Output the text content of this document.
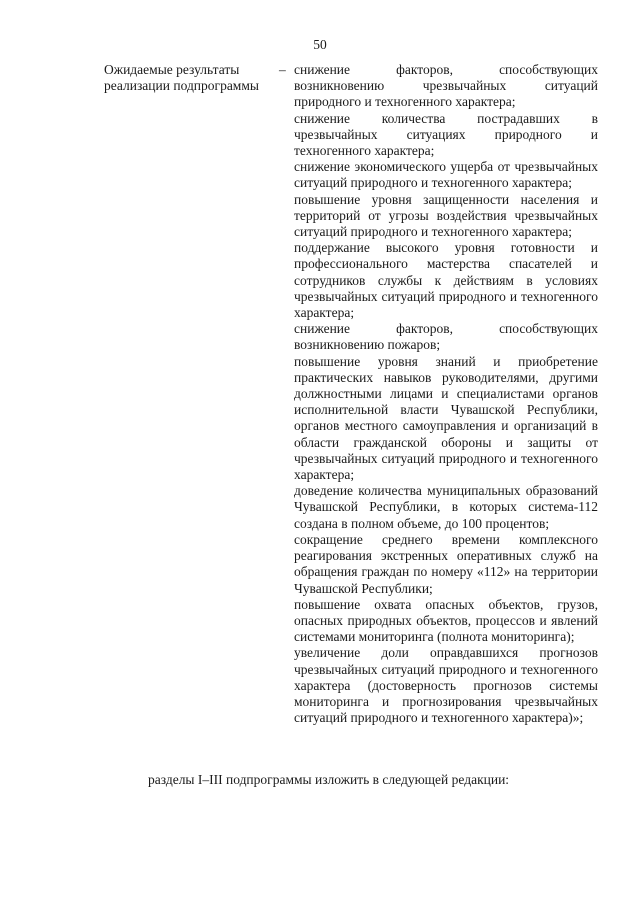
50
Ожидаемые результаты реализации подпрограммы
– снижение факторов, способствующих возникновению чрезвычайных ситуаций природного и техногенного характера;

снижение количества пострадавших в чрезвычайных ситуациях природного и техногенного характера;

снижение экономического ущерба от чрезвычайных ситуаций природного и техногенного характера;

повышение уровня защищенности населения и территорий от угрозы воздействия чрезвычайных ситуаций природного и техногенного характера;

поддержание высокого уровня готовности и профессионального мастерства спасателей и сотрудников службы к действиям в условиях чрезвычайных ситуаций природного и техногенного характера;

снижение факторов, способствующих возникновению пожаров;

повышение уровня знаний и приобретение практических навыков руководителями, другими должностными лицами и специалистами органов исполнительной власти Чувашской Республики, органов местного самоуправления и организаций в области гражданской обороны и защиты от чрезвычайных ситуаций природного и техногенного характера;

доведение количества муниципальных образований Чувашской Республики, в которых система-112 создана в полном объеме, до 100 процентов;

сокращение среднего времени комплексного реагирования экстренных оперативных служб на обращения граждан по номеру «112» на территории Чувашской Республики;

повышение охвата опасных объектов, грузов, опасных природных объектов, процессов и явлений системами мониторинга (полнота мониторинга);

увеличение доли оправдавшихся прогнозов чрезвычайных ситуаций природного и техногенного характера (достоверность прогнозов системы мониторинга и прогнозирования чрезвычайных ситуаций природного и техногенного характера)»;

разделы I–III подпрограммы изложить в следующей редакции:
